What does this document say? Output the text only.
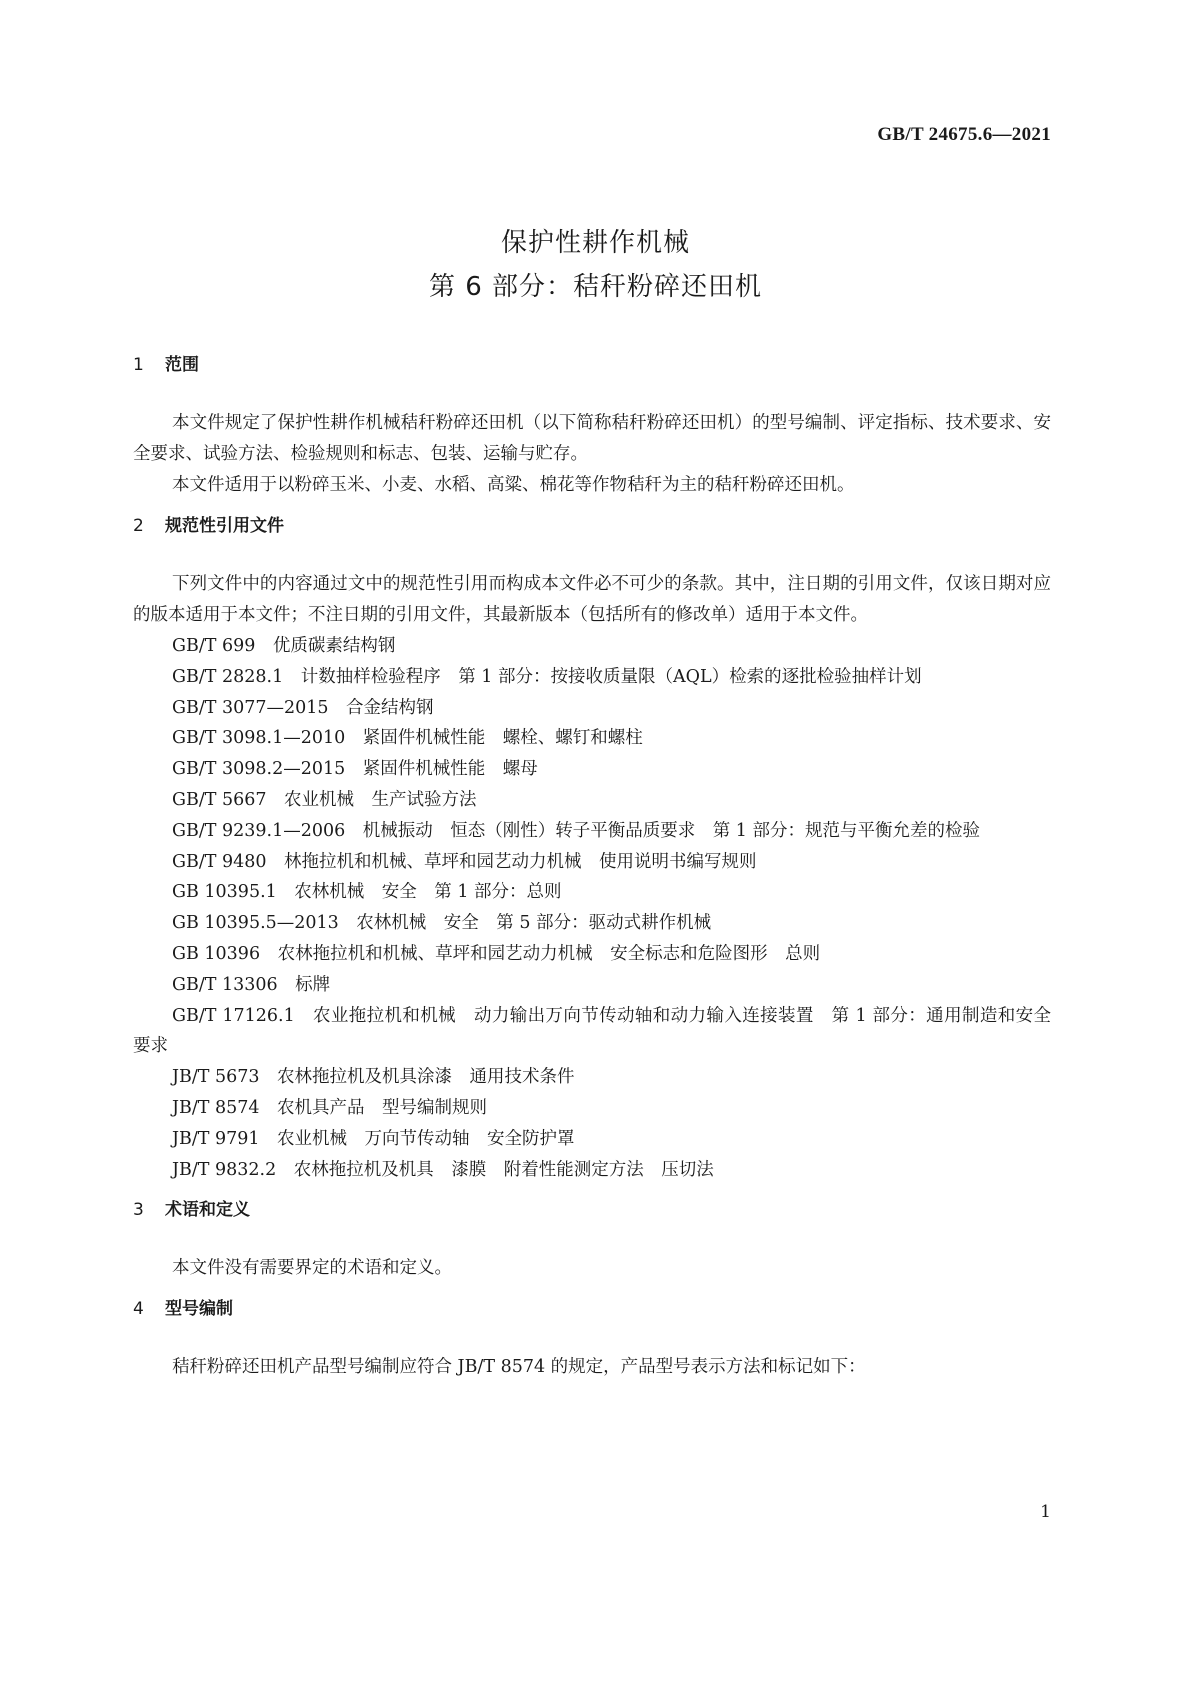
GB/T 24675.6—2021
保护性耕作机械
第 6 部分：秸秆粉碎还田机
1 范围

本文件规定了保护性耕作机械秸秆粉碎还田机（以下简称秸秆粉碎还田机）的型号编制、评定指标、技术要求、安全要求、试验方法、检验规则和标志、包装、运输与贮存。

本文件适用于以粉碎玉米、小麦、水稻、高粱、棉花等作物秸秆为主的秸秆粉碎还田机。

2 规范性引用文件

下列文件中的内容通过文中的规范性引用而构成本文件必不可少的条款。其中，注日期的引用文件，仅该日期对应的版本适用于本文件；不注日期的引用文件，其最新版本（包括所有的修改单）适用于本文件。

GB/T 699　优质碳素结构钢

GB/T 2828.1　计数抽样检验程序　第 1 部分：按接收质量限（AQL）检索的逐批检验抽样计划

GB/T 3077—2015　合金结构钢

GB/T 3098.1—2010　紧固件机械性能　螺栓、螺钉和螺柱

GB/T 3098.2—2015　紧固件机械性能　螺母

GB/T 5667　农业机械　生产试验方法

GB/T 9239.1—2006　机械振动　恒态（刚性）转子平衡品质要求　第 1 部分：规范与平衡允差的检验

GB/T 9480　林拖拉机和机械、草坪和园艺动力机械　使用说明书编写规则

GB 10395.1　农林机械　安全　第 1 部分：总则

GB 10395.5—2013　农林机械　安全　第 5 部分：驱动式耕作机械

GB 10396　农林拖拉机和机械、草坪和园艺动力机械　安全标志和危险图形　总则

GB/T 13306　标牌

GB/T 17126.1　农业拖拉机和机械　动力输出万向节传动轴和动力输入连接装置　第 1 部分：通用制造和安全要求

JB/T 5673　农林拖拉机及机具涂漆　通用技术条件

JB/T 8574　农机具产品　型号编制规则

JB/T 9791　农业机械　万向节传动轴　安全防护罩

JB/T 9832.2　农林拖拉机及机具　漆膜　附着性能测定方法　压切法

3 术语和定义

本文件没有需要界定的术语和定义。

4 型号编制

秸秆粉碎还田机产品型号编制应符合 JB/T 8574 的规定，产品型号表示方法和标记如下：

1
